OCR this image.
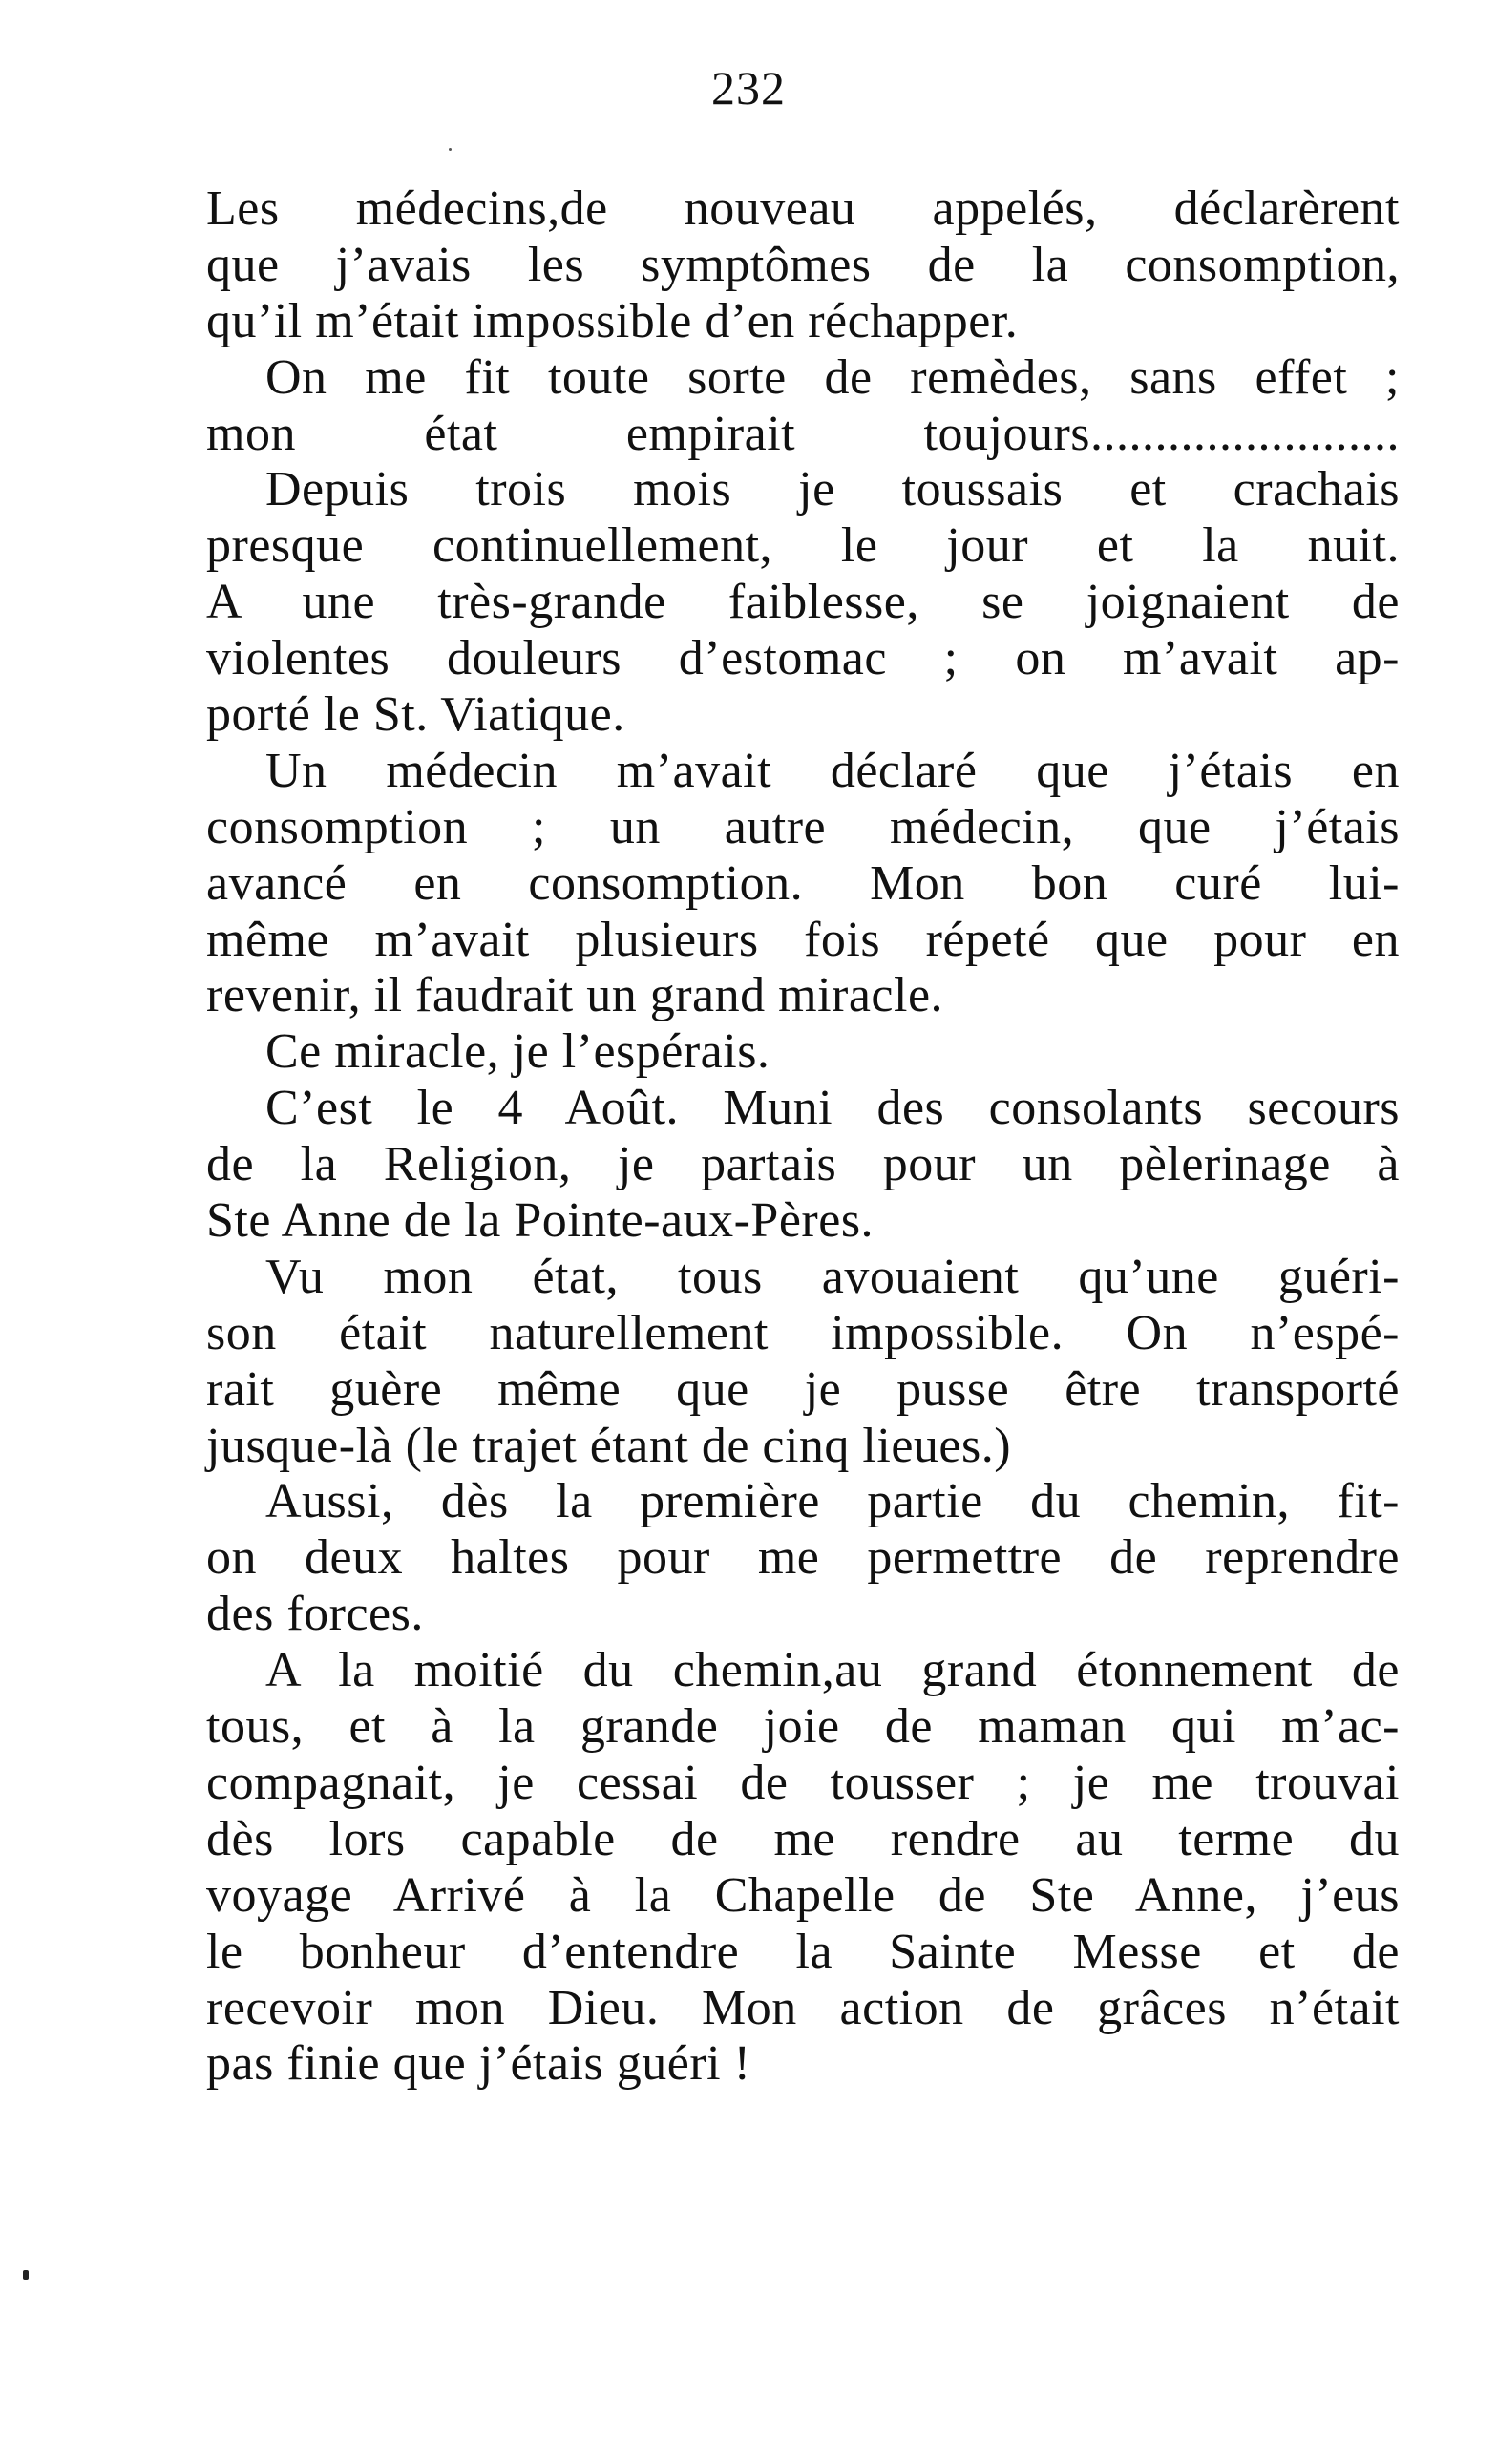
232
Les médecins,de nouveau appelés, déclarèrent
que j’avais les symptômes de la consomption,
qu’il m’était impossible d’en réchapper.
On me fit toute sorte de remèdes, sans effet ;
mon état empirait toujours........................
Depuis trois mois je toussais et crachais
presque continuellement, le jour et la nuit.
A une très-grande faiblesse, se joignaient de
violentes douleurs d’estomac ; on m’avait ap-
porté le St. Viatique.
Un médecin m’avait déclaré que j’étais en
consomption ; un autre médecin, que j’étais
avancé en consomption. Mon bon curé lui-
même m’avait plusieurs fois répeté que pour en
revenir, il faudrait un grand miracle.
Ce miracle, je l’espérais.
C’est le 4 Août. Muni des consolants secours
de la Religion, je partais pour un pèlerinage à
Ste Anne de la Pointe-aux-Pères.
Vu mon état, tous avouaient qu’une guéri-
son était naturellement impossible. On n’espé-
rait guère même que je pusse être transporté
jusque-là (le trajet étant de cinq lieues.)
Aussi, dès la première partie du chemin, fit-
on deux haltes pour me permettre de reprendre
des forces.
A la moitié du chemin,au grand étonnement de
tous, et à la grande joie de maman qui m’ac-
compagnait, je cessai de tousser ; je me trouvai
dès lors capable de me rendre au terme du
voyage Arrivé à la Chapelle de Ste Anne, j’eus
le bonheur d’entendre la Sainte Messe et de
recevoir mon Dieu. Mon action de grâces n’était
pas finie que j’étais guéri !
